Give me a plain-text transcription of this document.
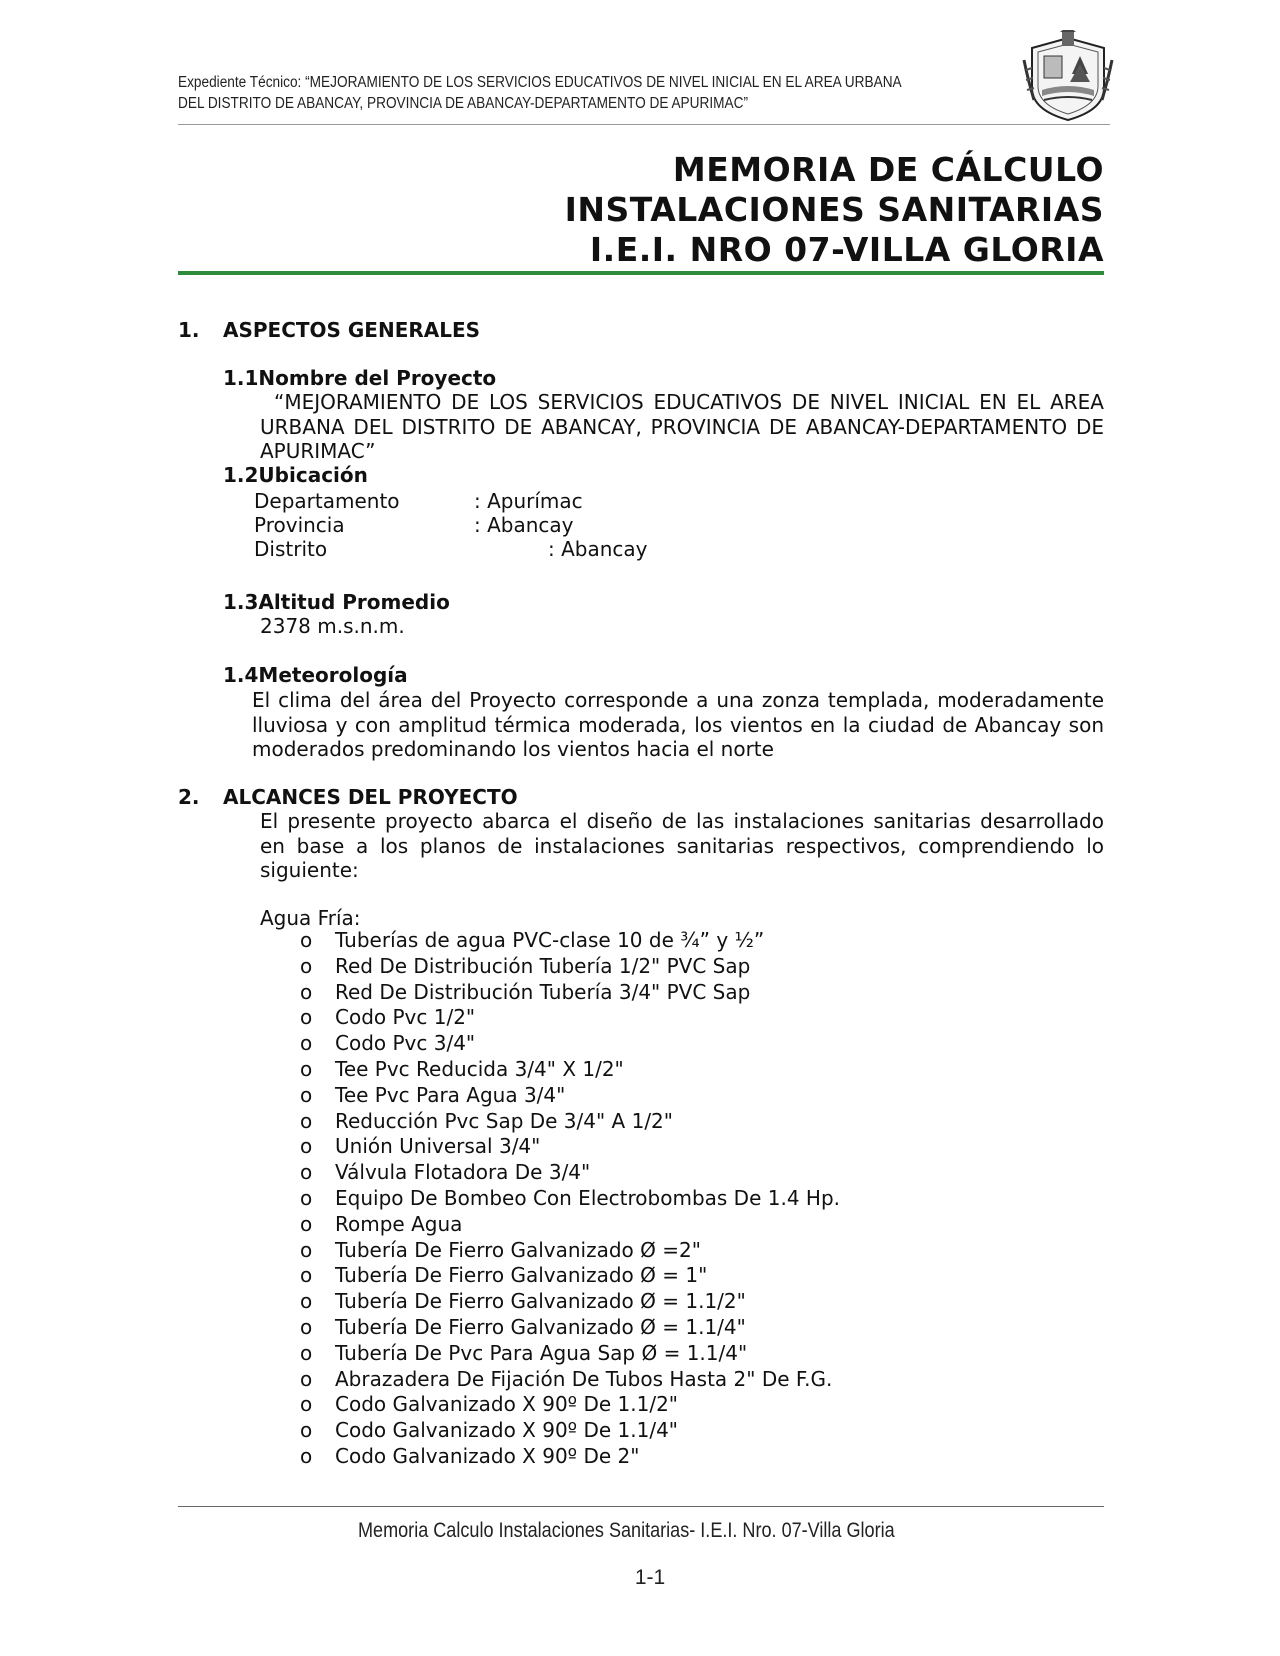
Expediente Técnico: “MEJORAMIENTO DE LOS SERVICIOS EDUCATIVOS DE NIVEL INICIAL EN EL AREA URBANA
DEL DISTRITO DE ABANCAY, PROVINCIA DE ABANCAY-DEPARTAMENTO DE APURIMAC”
MEMORIA DE CÁLCULO
INSTALACIONES SANITARIAS
I.E.I. NRO 07-VILLA GLORIA
1. ASPECTOS GENERALES
1.1Nombre del Proyecto
“MEJORAMIENTO DE LOS SERVICIOS EDUCATIVOS DE NIVEL INICIAL EN EL AREA URBANA DEL DISTRITO DE ABANCAY, PROVINCIA DE ABANCAY-DEPARTAMENTO DE APURIMAC”
1.2Ubicación
Departamento	: Apurímac
Provincia	: Abancay
Distrito	: Abancay
1.3Altitud Promedio
2378 m.s.n.m.
1.4Meteorología
El clima del área del Proyecto corresponde a una zonza templada, moderadamente lluviosa y con amplitud térmica moderada, los vientos en la ciudad de Abancay son moderados predominando los vientos hacia el norte
2. ALCANCES DEL PROYECTO
El presente proyecto abarca el diseño de las instalaciones sanitarias desarrollado en base a los planos de instalaciones sanitarias respectivos, comprendiendo lo siguiente:
Agua Fría:
o Tuberías de agua PVC-clase 10 de ¾” y ½”
o Red De Distribución Tubería 1/2" PVC Sap
o Red De Distribución Tubería 3/4" PVC Sap
o Codo Pvc 1/2"
o Codo Pvc 3/4"
o Tee Pvc Reducida 3/4" X 1/2"
o Tee Pvc Para Agua 3/4"
o Reducción Pvc Sap De 3/4" A 1/2"
o Unión Universal 3/4"
o Válvula Flotadora De 3/4"
o Equipo De Bombeo Con Electrobombas De 1.4 Hp.
o Rompe Agua
o Tubería De Fierro Galvanizado Ø =2"
o Tubería De Fierro Galvanizado Ø = 1"
o Tubería De Fierro Galvanizado Ø = 1.1/2"
o Tubería De Fierro Galvanizado Ø = 1.1/4"
o Tubería De Pvc Para Agua Sap Ø = 1.1/4"
o Abrazadera De Fijación De Tubos Hasta 2" De F.G.
o Codo Galvanizado X 90º De 1.1/2"
o Codo Galvanizado X 90º De 1.1/4"
o Codo Galvanizado X 90º De 2"
Memoria Calculo Instalaciones Sanitarias- I.E.I. Nro. 07-Villa Gloria
1-1
